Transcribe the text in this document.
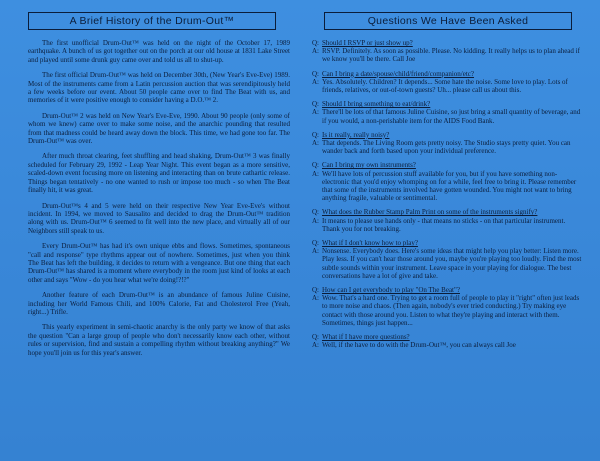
A Brief History of the Drum-Out™

The first unofficial Drum-Out™ was held on the night of the October 17, 1989 earthquake. A bunch of us got together out on the porch at our old house at 1831 Lake Street and played until some drunk guy came over and told us all to shut-up.

The first official Drum-Out™ was held on December 30th, (New Year's Eve-Eve) 1989. Most of the instruments came from a Latin percussion auction that was serendipitously held a few weeks before our event. About 50 people came over to find The Beat with us, and memories of it were positive enough to consider having a D.O.™ 2.

Drum-Out™ 2 was held on New Year's Eve-Eve, 1990. About 90 people (only some of whom we knew) came over to make some noise, and the anarchic pounding that resulted from that madness could be heard away down the block. This time, we had gone too far. The Drum-Out™ was over.

After much throat clearing, feet shuffling and head shaking, Drum-Out™ 3 was finally scheduled for February 29, 1992 - Leap Year Night. This event began as a more sensitive, scaled-down event focusing more on listening and interacting than on brute cathartic release. Things began tentatively - no one wanted to rush or impose too much - so when The Beat finally hit, it was great.

Drum-Out™s 4 and 5 were held on their respective New Year Eve-Eve's without incident. In 1994, we moved to Sausalito and decided to drag the Drum-Out™ tradition along with us. Drum-Out™ 6 seemed to fit well into the new place, and virtually all of our Neighbors still speak to us.

Every Drum-Out™ has had it's own unique ebbs and flows. Sometimes, spontaneous "call and response" type rhythms appear out of nowhere. Sometimes, just when you think The Beat has left the building, it decides to return with a vengeance. But one thing that each Drum-Out™ has shared is a moment where everybody in the room just kind of looks at each other and says "Wow - do you hear what we're doing!?!?"

Another feature of each Drum-Out™ is an abundance of famous Juline Cuisine, including her World Famous Chili, and 100% Calorie, Fat and Cholesterol Free (Yeah, right...) Trifle.

This yearly experiment in semi-chaotic anarchy is the only party we know of that asks the question "Can a large group of people who don't necessarily know each other, without rules or supervision, find and sustain a compelling rhythm without breaking anything?" We hope you'll join us for this year's answer.

Questions We Have Been Asked
Q: Should I RSVP or just show up?
A: RSVP. Definitely. As soon as possible. Please. No kidding. It really helps us to plan ahead if we know you'll be there. Call Joe
Q: Can I bring a date/spouse/child/friend/companion/etc?
A: Yes. Absolutely. Children? It depends... Some hate the noise. Some love to play. Lots of friends, relatives, or out-of-town guests? Uh... please call us about this.
Q: Should I bring something to eat/drink?
A: There'll be lots of that famous Juline Cuisine, so just bring a small quantity of beverage, and if you would, a non-perishable item for the AIDS Food Bank.
Q: Is it really, really noisy?
A: That depends. The Living Room gets pretty noisy. The Studio stays pretty quiet. You can wander back and forth based upon your individual preference.
Q: Can I bring my own instruments?
A: We'll have lots of percussion stuff available for you, but if you have something non-electronic that you'd enjoy whomping on for a while, feel free to bring it. Please remember that some of the instruments involved have gotten wounded. You might not want to bring anything fragile, valuable or sentimental.
Q: What does the Rubber Stamp Palm Print on some of the instruments signify?
A: It means to please use hands only - that means no sticks - on that particular instrument. Thank you for not breaking.
Q: What if I don't know how to play?
A: Nonsense. Everybody does. Here's some ideas that might help you play better: Listen more. Play less. If you can't hear those around you, maybe you're playing too loudly. Find the most subtle sounds within your instrument. Leave space in your playing for dialogue. The best conversations have a lot of give and take.
Q: How can I get everybody to play "On The Beat"?
A: Wow. That's a hard one. Trying to get a room full of people to play it "right" often just leads to more noise and chaos. (Then again, nobody's ever tried conducting.) Try making eye contact with those around you. Listen to what they're playing and interact with them. Sometimes, things just happen...
Q: What if I have more questions?
A: Well, if the have to do with the Drum-Out™, you can always call Joe
